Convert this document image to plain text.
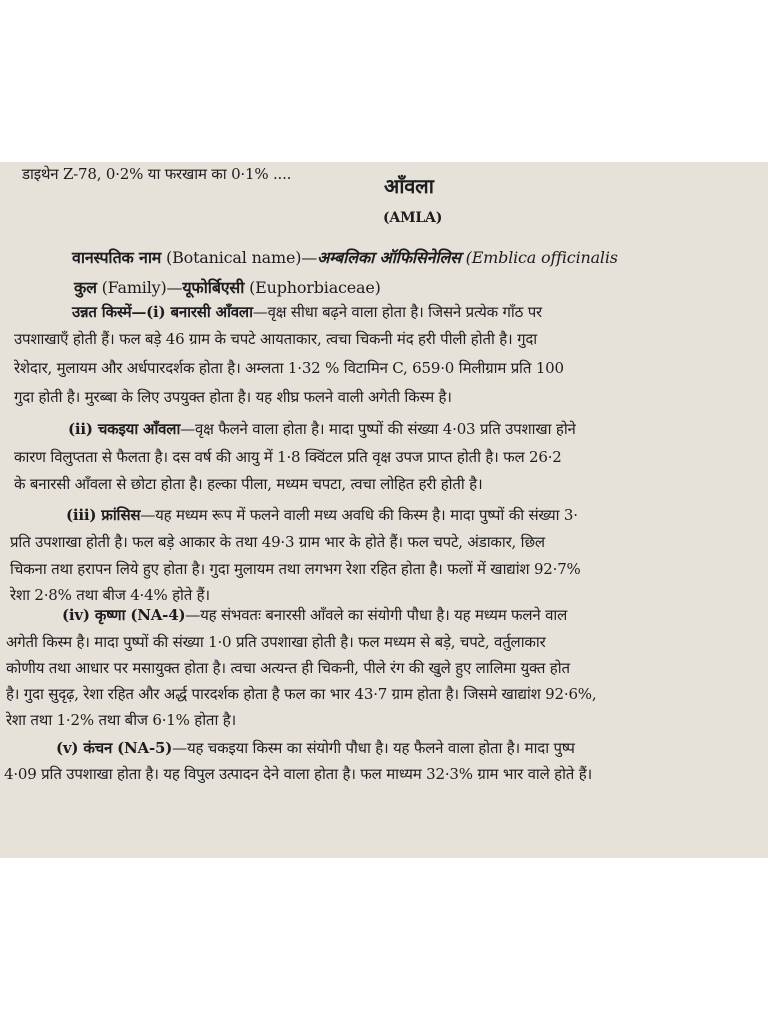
डाइथेन Z-78, 0·2% या फरखाम का 0·1% ....	आँवला
(AMLA)
वानस्पतिक नाम (Botanical name)—अम्बलिका ऑफिसिनेलिस (Emblica officinalis
कुल (Family)—यूफोर्बिएसी (Euphorbiaceae)
उन्नत किस्में—(i) बनारसी आँवला—वृक्ष सीधा बढ़ने वाला होता है। जिसने प्रत्येक गाँठ पर
उपशाखाएँ होती हैं। फल बड़े 46 ग्राम के चपटे आयताकार, त्वचा चिकनी मंद हरी पीली होती है। गुदा
रेशेदार, मुलायम और अर्धपारदर्शक होता है। अम्लता 1·32 % विटामिन C, 659·0 मिलीग्राम प्रति 100
गुदा होती है। मुरब्बा के लिए उपयुक्त होता है। यह शीघ्र फलने वाली अगेती किस्म है।
(ii) चकइया आँवला—वृक्ष फैलने वाला होता है। मादा पुष्पों की संख्या 4·03 प्रति उपशाखा होने
कारण विलुप्तता से फैलता है। दस वर्ष की आयु में 1·8 क्विंटल प्रति वृक्ष उपज प्राप्त होती है। फल 26·2
के बनारसी आँवला से छोटा होता है। हल्का पीला, मध्यम चपटा, त्वचा लोहित हरी होती है।
(iii) फ्रांसिस—यह मध्यम रूप में फलने वाली मध्य अवधि की किस्म है। मादा पुष्पों की संख्या 3·
प्रति उपशाखा होती है। फल बड़े आकार के तथा 49·3 ग्राम भार के होते हैं। फल चपटे, अंडाकार, छिल
चिकना तथा हरापन लिये हुए होता है। गुदा मुलायम तथा लगभग रेशा रहित होता है। फलों में खाद्यांश 92·7%
रेशा 2·8% तथा बीज 4·4% होते हैं।
(iv) कृष्णा (NA-4)—यह संभवतः बनारसी आँवले का संयोगी पौधा है। यह मध्यम फलने वाल
अगेती किस्म है। मादा पुष्पों की संख्या 1·0 प्रति उपशाखा होती है। फल मध्यम से बड़े, चपटे, वर्तुलाकार
कोणीय तथा आधार पर मसायुक्त होता है। त्वचा अत्यन्त ही चिकनी, पीले रंग की खुले हुए लालिमा युक्त होत
है। गुदा सुदृढ़, रेशा रहित और अर्द्ध पारदर्शक होता है फल का भार 43·7 ग्राम होता है। जिसमे खाद्यांश 92·6%,
रेशा तथा 1·2% तथा बीज 6·1% होता है।
(v) कंचन (NA-5)—यह चकइया किस्म का संयोगी पौधा है। यह फैलने वाला होता है। मादा पुष्प
4·09 प्रति उपशाखा होता है। यह विपुल उत्पादन देने वाला होता है। फल माध्यम 32·3% ग्राम भार वाले होते हैं।
